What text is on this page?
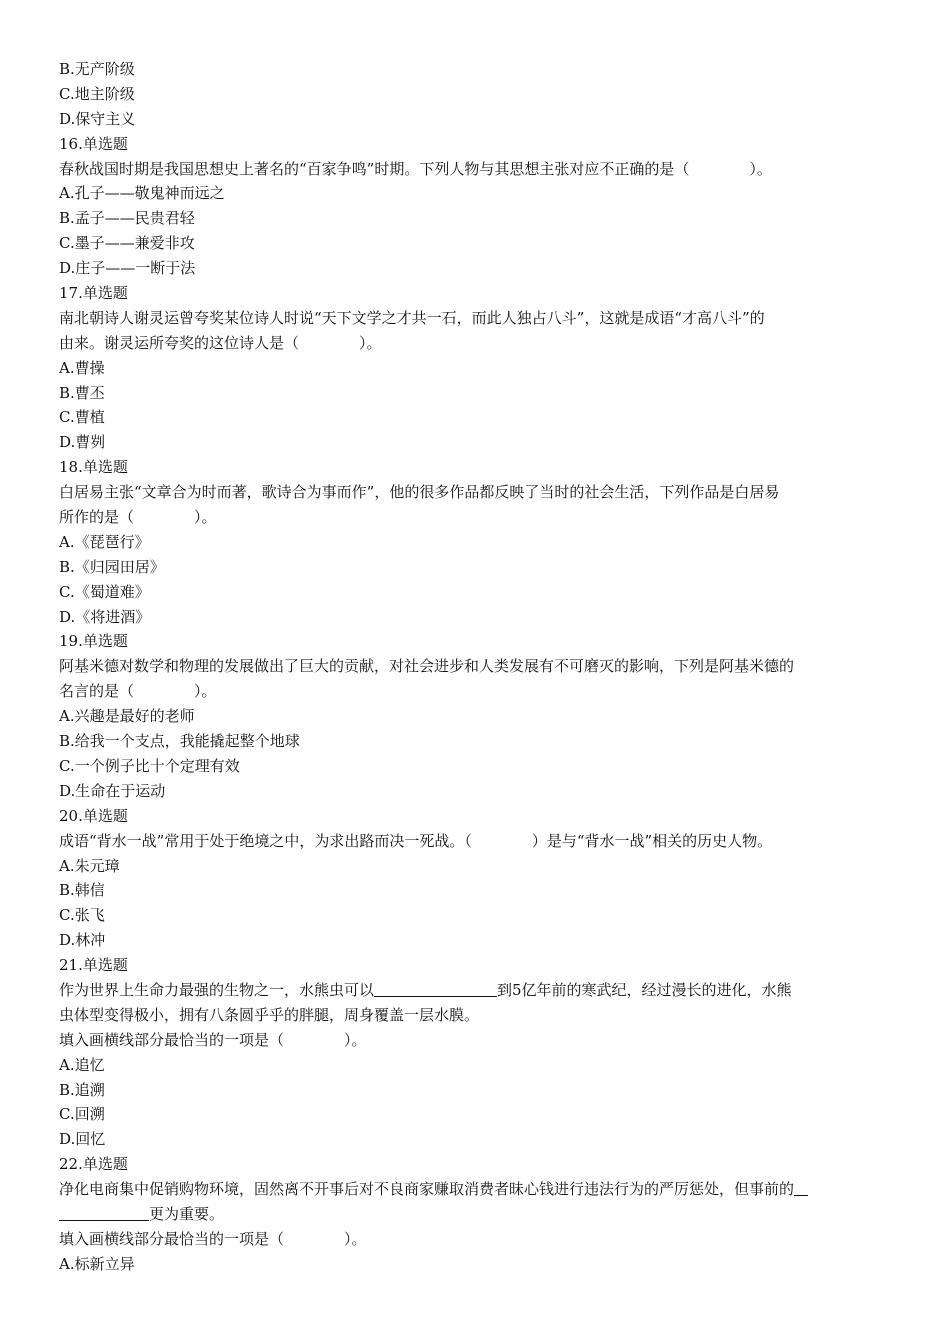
B.无产阶级
C.地主阶级
D.保守主义
16.单选题
春秋战国时期是我国思想史上著名的“百家争鸣”时期。下列人物与其思想主张对应不正确的是（　　　　）。
A.孔子——敬鬼神而远之
B.孟子——民贵君轻
C.墨子——兼爱非攻
D.庄子——一断于法
17.单选题
南北朝诗人谢灵运曾夸奖某位诗人时说“天下文学之才共一石，而此人独占八斗”，这就是成语“才高八斗”的
由来。谢灵运所夸奖的这位诗人是（　　　　）。
A.曹操
B.曹丕
C.曹植
D.曹刿
18.单选题
白居易主张“文章合为时而著，歌诗合为事而作”，他的很多作品都反映了当时的社会生活，下列作品是白居易
所作的是（　　　　）。
A.《琵琶行》
B.《归园田居》
C.《蜀道难》
D.《将进酒》
19.单选题
阿基米德对数学和物理的发展做出了巨大的贡献，对社会进步和人类发展有不可磨灭的影响，下列是阿基米德的
名言的是（　　　　）。
A.兴趣是最好的老师
B.给我一个支点，我能撬起整个地球
C.一个例子比十个定理有效
D.生命在于运动
20.单选题
成语“背水一战”常用于处于绝境之中，为求出路而决一死战。（　　　　）是与“背水一战”相关的历史人物。
A.朱元璋
B.韩信
C.张飞
D.林冲
21.单选题
作为世界上生命力最强的生物之一，水熊虫可以	到5亿年前的寒武纪，经过漫长的进化，水熊
虫体型变得极小，拥有八条圆乎乎的胖腿，周身覆盖一层水膜。
填入画横线部分最恰当的一项是（　　　　）。
A.追忆
B.追溯
C.回溯
D.回忆
22.单选题
净化电商集中促销购物环境，固然离不开事后对不良商家赚取消费者昧心钱进行违法行为的严厉惩处，但事前的
更为重要。
填入画横线部分最恰当的一项是（　　　　）。
A.标新立异
